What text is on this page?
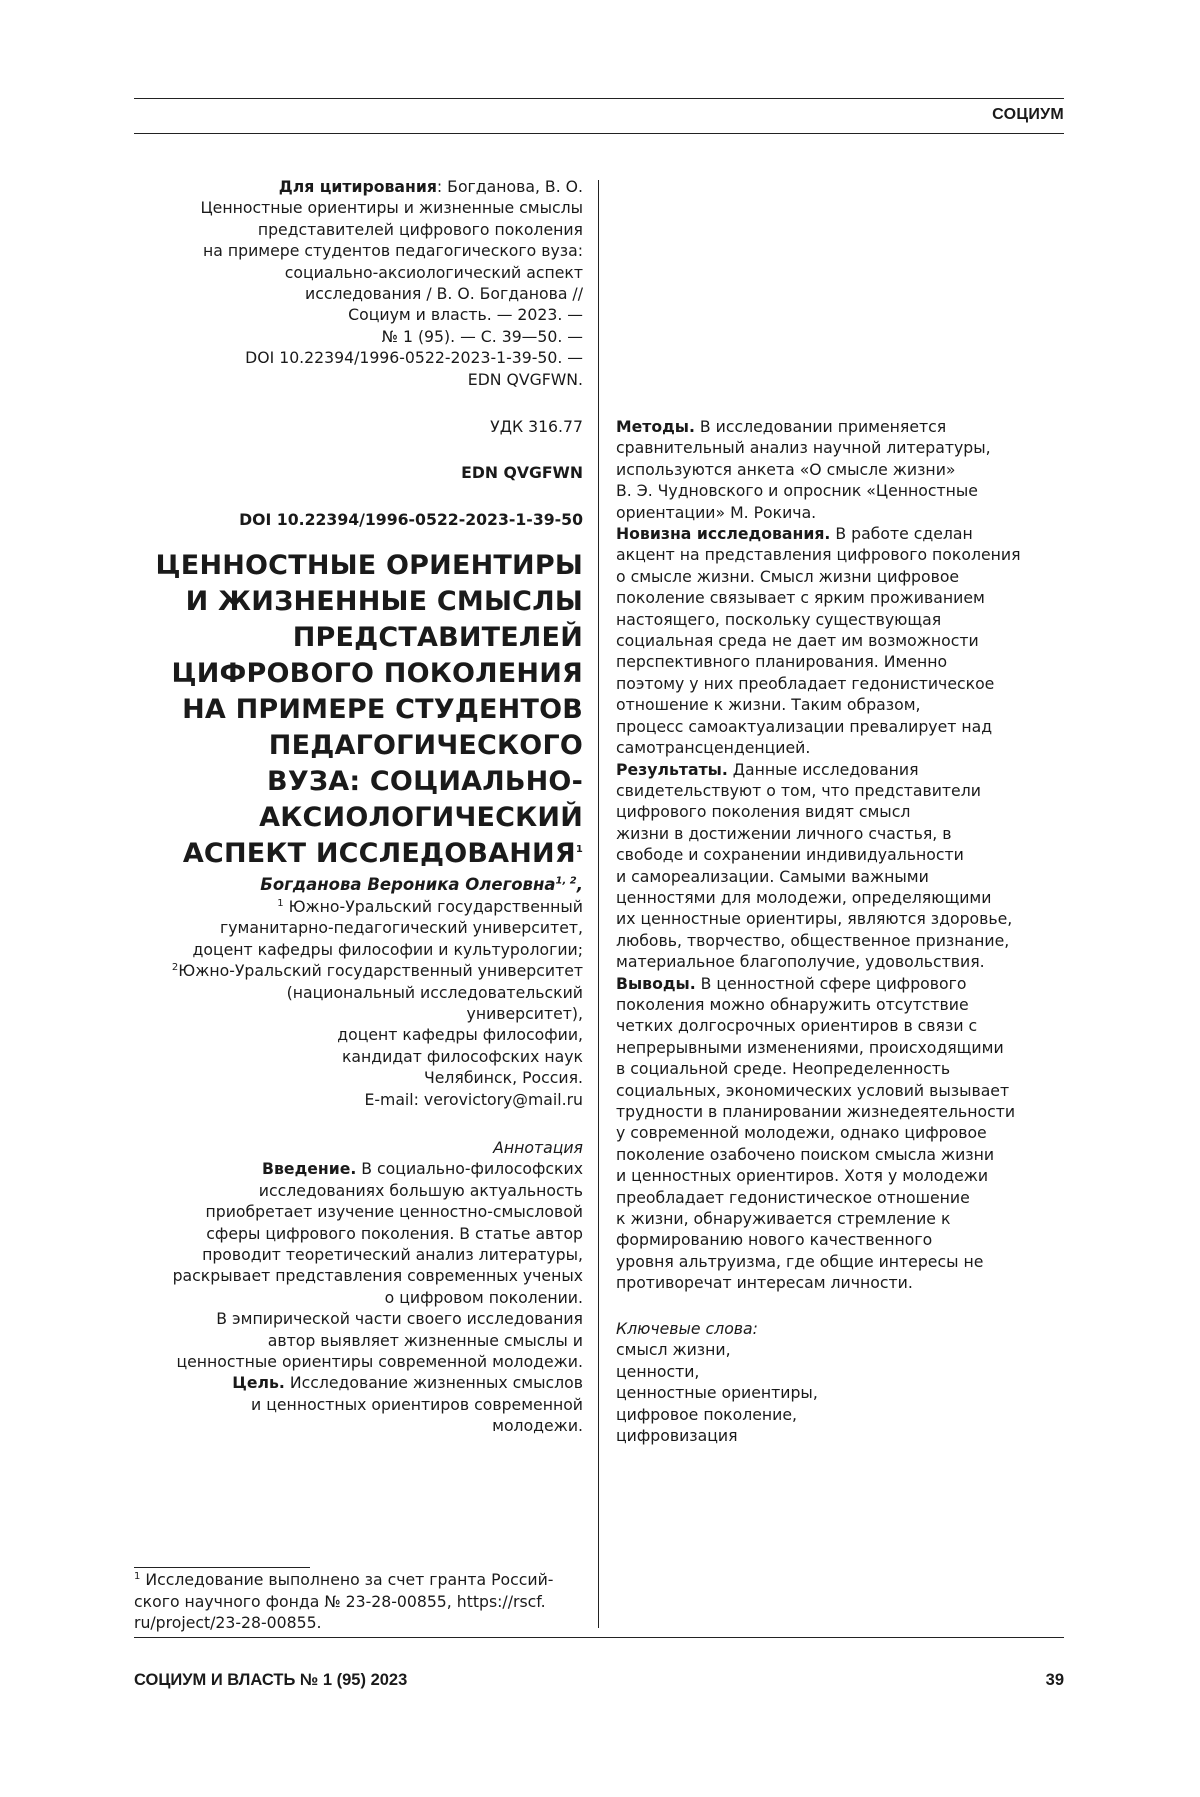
СОЦИУМ

Для цитирования: Богданова, В. О.

Ценностные ориентиры и жизненные смыслы

представителей цифрового поколения

на примере студентов педагогического вуза:

социально-аксиологический аспект

исследования / В. О. Богданова //

Социум и власть. — 2023. —

№ 1 (95). — С. 39—50. —

DOI 10.22394/1996-0522-2023-1-39-50. —

EDN QVGFWN.

УДК 316.77

EDN QVGFWN

DOI 10.22394/1996-0522-2023-1-39-50

ЦЕННОСТНЫЕ ОРИЕНТИРЫ

И ЖИЗНЕННЫЕ СМЫСЛЫ

ПРЕДСТАВИТЕЛЕЙ

ЦИФРОВОГО ПОКОЛЕНИЯ

НА ПРИМЕРЕ СТУДЕНТОВ

ПЕДАГОГИЧЕСКОГО

ВУЗА: СОЦИАЛЬНО-

АКСИОЛОГИЧЕСКИЙ

АСПЕКТ ИССЛЕДОВАНИЯ1

Богданова Вероника Олеговна1, 2,

1 Южно-Уральский государственный

гуманитарно-педагогический университет,

доцент кафедры философии и культурологии;

2Южно-Уральский государственный университет

(национальный исследовательский

университет),

доцент кафедры философии,

кандидат философских наук

Челябинск, Россия.

E-mail: verovictory@mail.ru

Аннотация

Введение. В социально-философских

исследованиях большую актуальность

приобретает изучение ценностно-смысловой

сферы цифрового поколения. В статье автор

проводит теоретический анализ литературы,

раскрывает представления современных ученых

о цифровом поколении.

В эмпирической части своего исследования

автор выявляет жизненные смыслы и

ценностные ориентиры современной молодежи.

Цель. Исследование жизненных смыслов

и ценностных ориентиров современной

молодежи.

1 Исследование выполнено за счет гранта Россий-
ского научного фонда № 23-28-00855, https://rscf.
ru/project/23-28-00855.

Методы. В исследовании применяется

сравнительный анализ научной литературы,

используются анкета «О смысле жизни»

В. Э. Чудновского и опросник «Ценностные

ориентации» М. Рокича.

Новизна исследования. В работе сделан

акцент на представления цифрового поколения

о смысле жизни. Смысл жизни цифровое

поколение связывает с ярким проживанием

настоящего, поскольку существующая

социальная среда не дает им возможности

перспективного планирования. Именно

поэтому у них преобладает гедонистическое

отношение к жизни. Таким образом,

процесс самоактуализации превалирует над

самотрансценденцией.

Результаты. Данные исследования

свидетельствуют о том, что представители

цифрового поколения видят смысл

жизни в достижении личного счастья, в

свободе и сохранении индивидуальности

и самореализации. Самыми важными

ценностями для молодежи, определяющими

их ценностные ориентиры, являются здоровье,

любовь, творчество, общественное признание,

материальное благополучие, удовольствия.

Выводы. В ценностной сфере цифрового

поколения можно обнаружить отсутствие

четких долгосрочных ориентиров в связи с

непрерывными изменениями, происходящими

в социальной среде. Неопределенность

социальных, экономических условий вызывает

трудности в планировании жизнедеятельности

у современной молодежи, однако цифровое

поколение озабочено поиском смысла жизни

и ценностных ориентиров. Хотя у молодежи

преобладает гедонистическое отношение

к жизни, обнаруживается стремление к

формированию нового качественного

уровня альтруизма, где общие интересы не

противоречат интересам личности.

Ключевые слова:

смысл жизни,

ценности,

ценностные ориентиры,

цифровое поколение,

цифровизация

СОЦИУМ И ВЛАСТЬ № 1 (95) 2023	39
